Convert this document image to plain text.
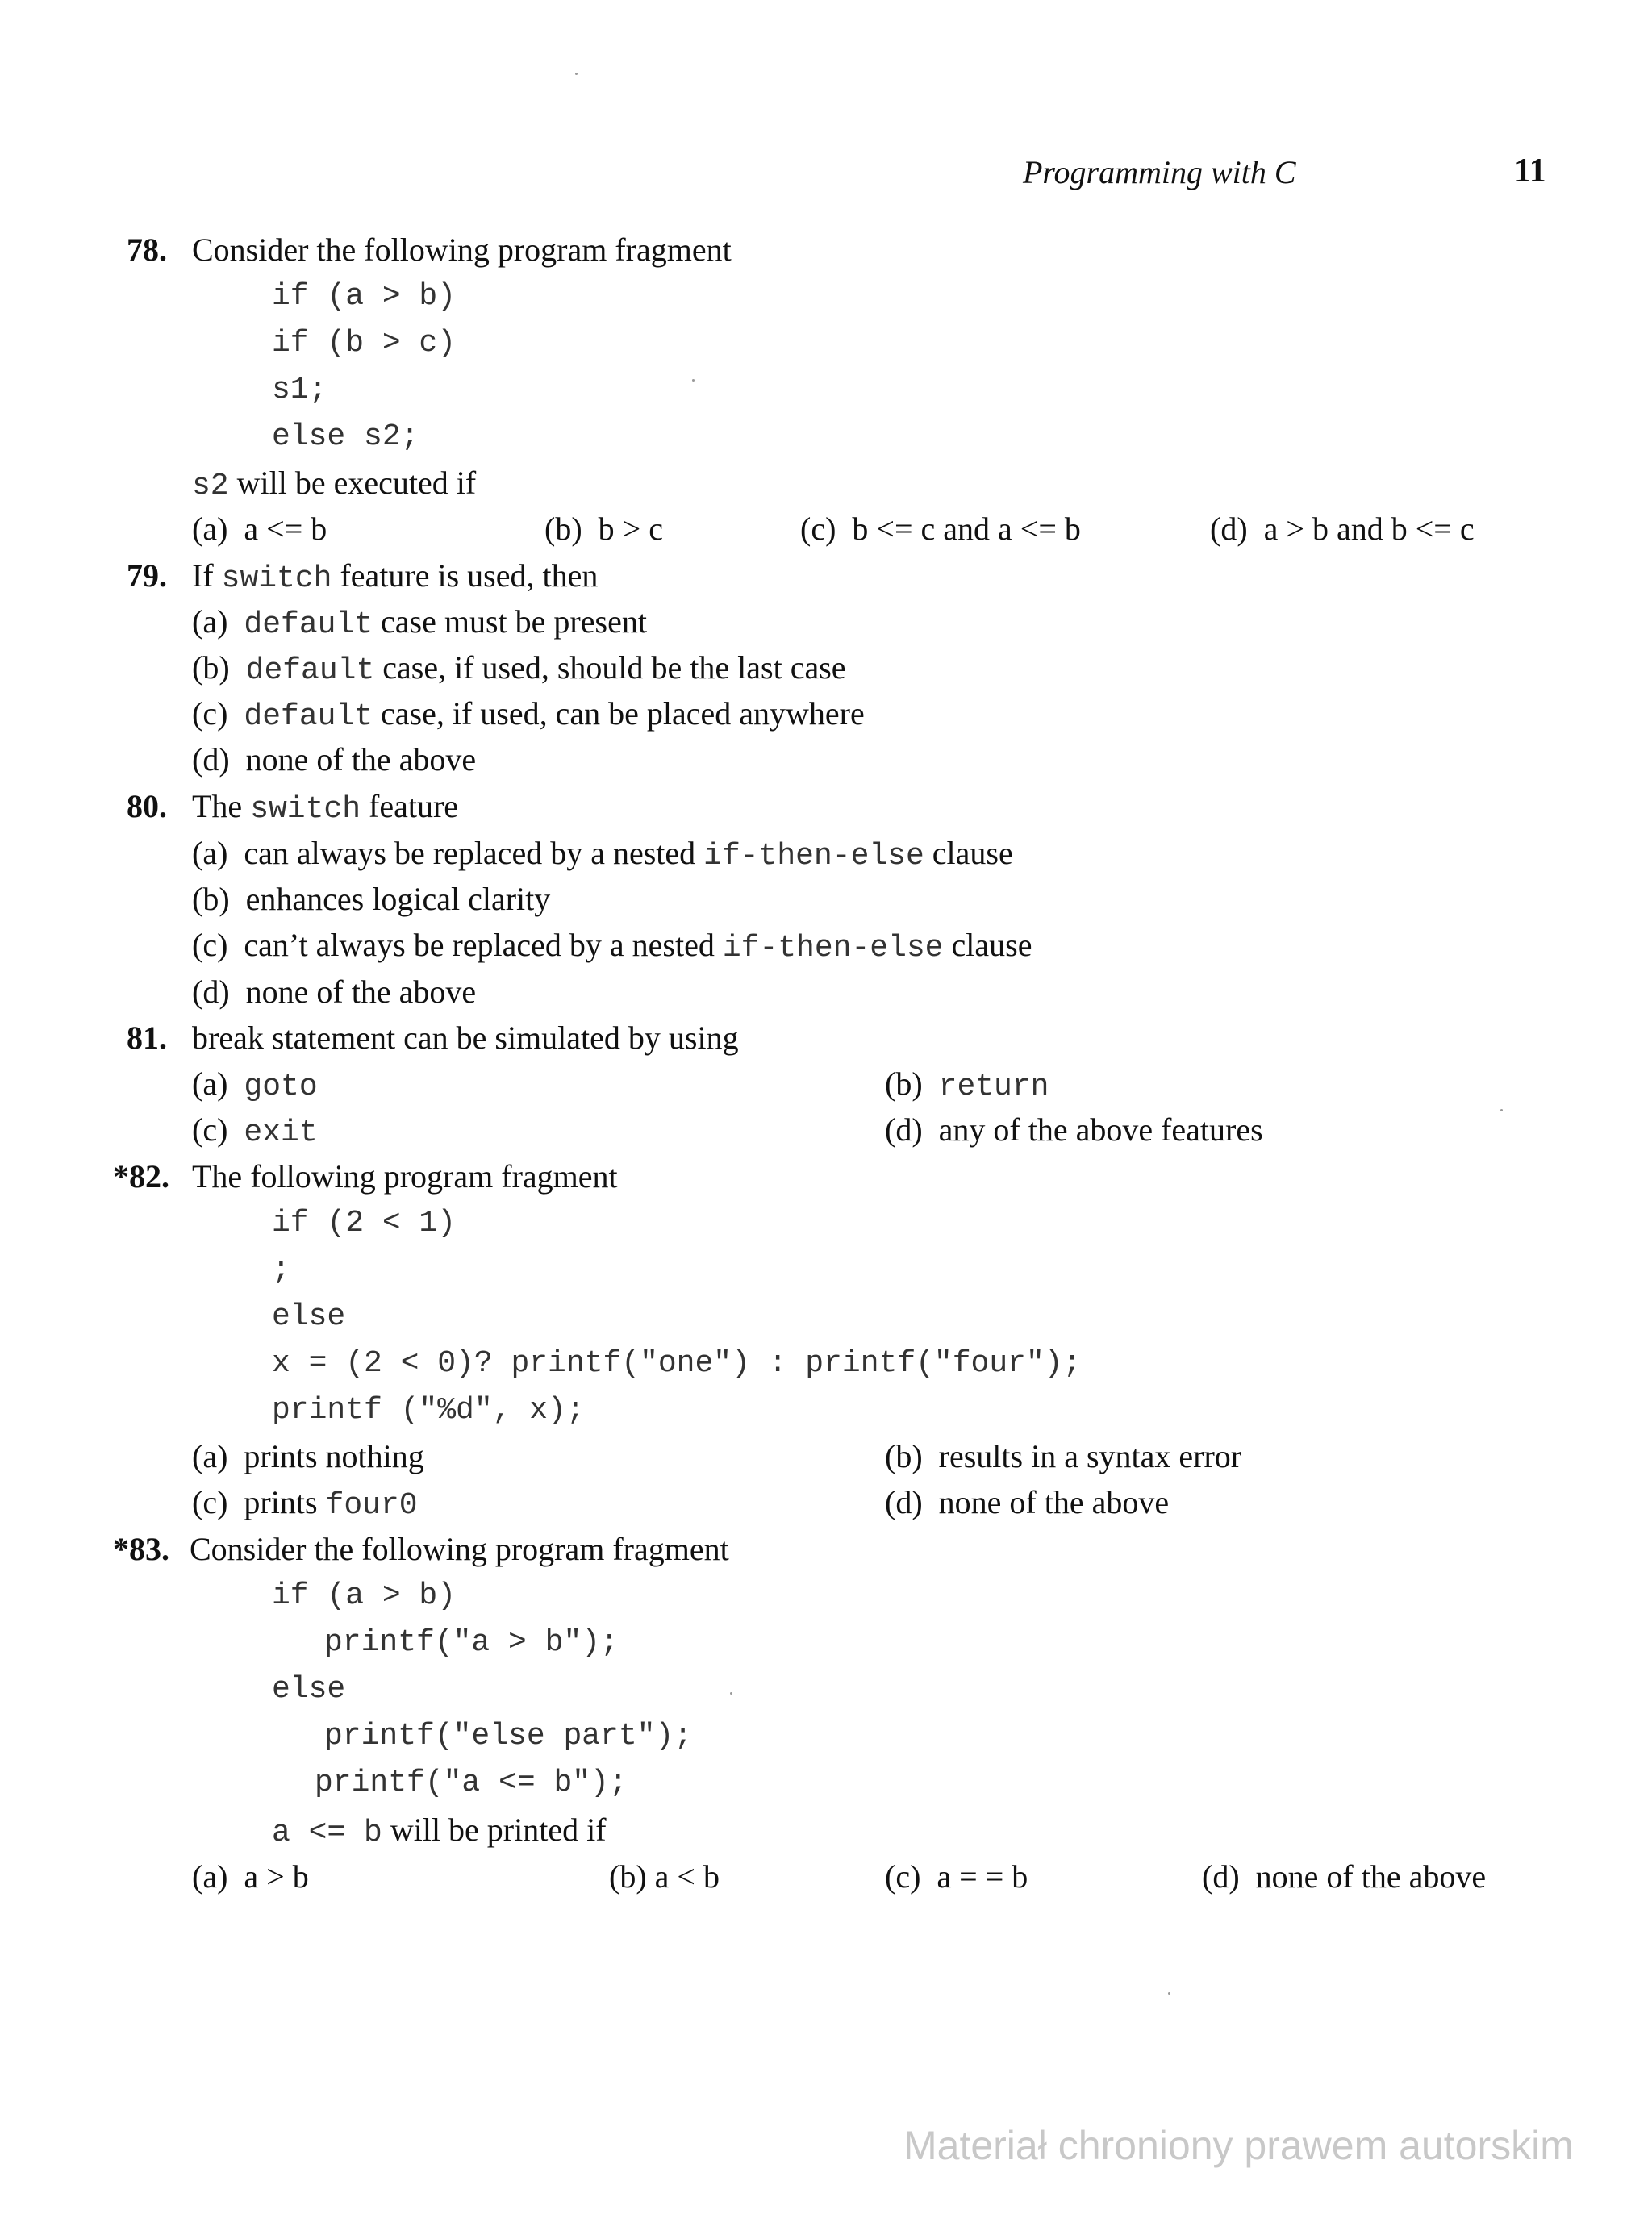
Programming with C	11
78. Consider the following program fragment
if (a > b)
if (b > c)
s1;
else s2;
s2 will be executed if
(a) a <= b	(b) b > c	(c) b <= c and a <= b	(d) a > b and b <= c
79. If switch feature is used, then
(a) default case must be present
(b) default case, if used, should be the last case
(c) default case, if used, can be placed anywhere
(d) none of the above
80. The switch feature
(a) can always be replaced by a nested if-then-else clause
(b) enhances logical clarity
(c) can’t always be replaced by a nested if-then-else clause
(d) none of the above
81. break statement can be simulated by using
(a) goto	(b) return
(c) exit	(d) any of the above features
*82. The following program fragment
if (2 < 1)
;
else
x = (2 < 0)? printf("one") : printf("four");
printf ("%d", x);
(a) prints nothing	(b) results in a syntax error
(c) prints four0	(d) none of the above
*83. Consider the following program fragment
if (a > b)
printf("a > b");
else
printf("else part");
printf("a <= b");
a <= b will be printed if
(a) a > b	(b) a < b	(c) a = = b	(d) none of the above
Materiał chroniony prawem autorskim
